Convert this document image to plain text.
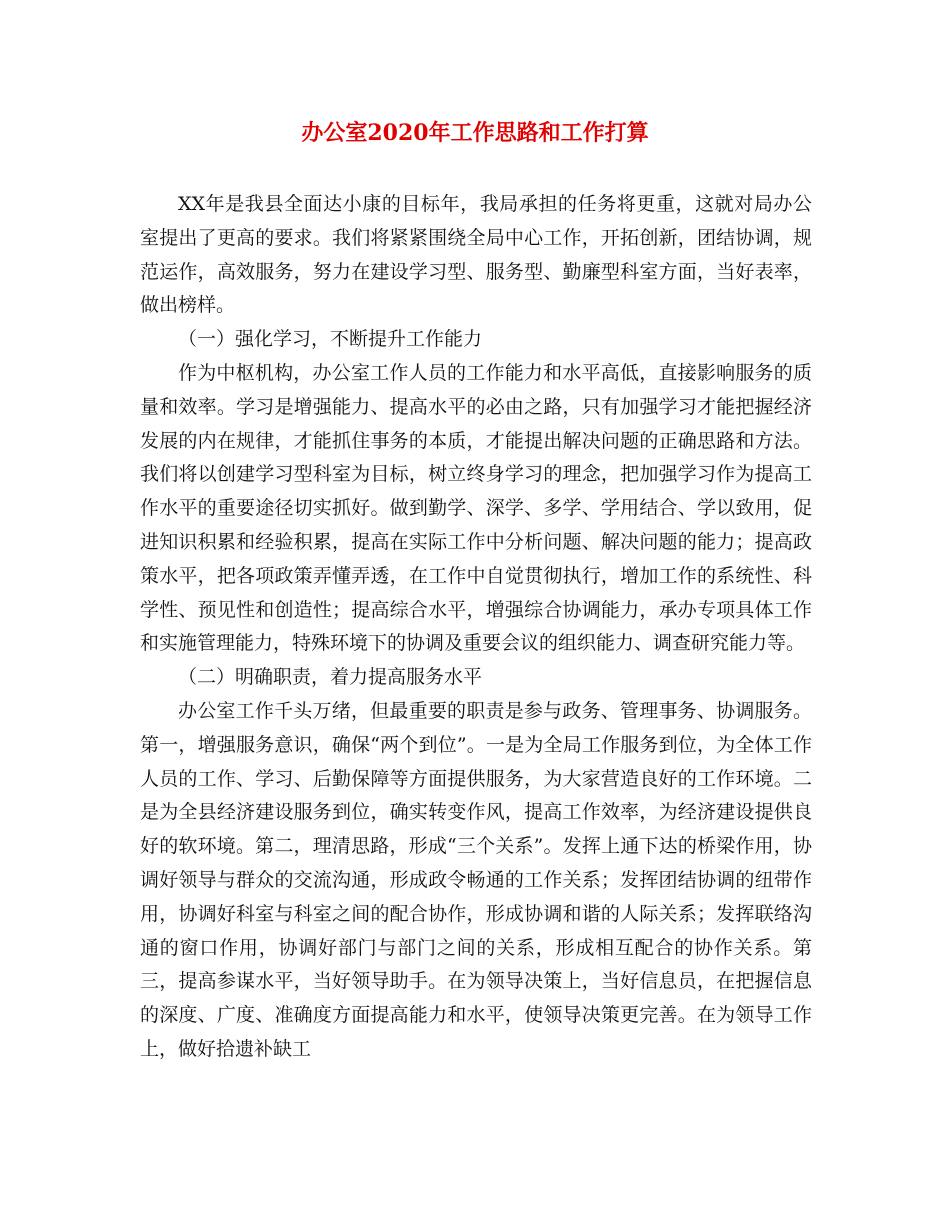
办公室2020年工作思路和工作打算

XX年是我县全面达小康的目标年，我局承担的任务将更重，这就对局办公室提出了更高的要求。我们将紧紧围绕全局中心工作，开拓创新，团结协调，规范运作，高效服务，努力在建设学习型、服务型、勤廉型科室方面，当好表率，做出榜样。

（一）强化学习，不断提升工作能力

作为中枢机构，办公室工作人员的工作能力和水平高低，直接影响服务的质量和效率。学习是增强能力、提高水平的必由之路，只有加强学习才能把握经济发展的内在规律，才能抓住事务的本质，才能提出解决问题的正确思路和方法。我们将以创建学习型科室为目标，树立终身学习的理念，把加强学习作为提高工作水平的重要途径切实抓好。做到勤学、深学、多学、学用结合、学以致用，促进知识积累和经验积累，提高在实际工作中分析问题、解决问题的能力；提高政策水平，把各项政策弄懂弄透，在工作中自觉贯彻执行，增加工作的系统性、科学性、预见性和创造性；提高综合水平，增强综合协调能力，承办专项具体工作和实施管理能力，特殊环境下的协调及重要会议的组织能力、调查研究能力等。

（二）明确职责，着力提高服务水平

办公室工作千头万绪，但最重要的职责是参与政务、管理事务、协调服务。第一，增强服务意识，确保“两个到位”。一是为全局工作服务到位，为全体工作人员的工作、学习、后勤保障等方面提供服务，为大家营造良好的工作环境。二是为全县经济建设服务到位，确实转变作风，提高工作效率，为经济建设提供良好的软环境。第二，理清思路，形成“三个关系”。发挥上通下达的桥梁作用，协调好领导与群众的交流沟通，形成政令畅通的工作关系；发挥团结协调的纽带作用，协调好科室与科室之间的配合协作，形成协调和谐的人际关系；发挥联络沟通的窗口作用，协调好部门与部门之间的关系，形成相互配合的协作关系。第三，提高参谋水平，当好领导助手。在为领导决策上，当好信息员，在把握信息的深度、广度、准确度方面提高能力和水平，使领导决策更完善。在为领导工作上，做好拾遗补缺工
